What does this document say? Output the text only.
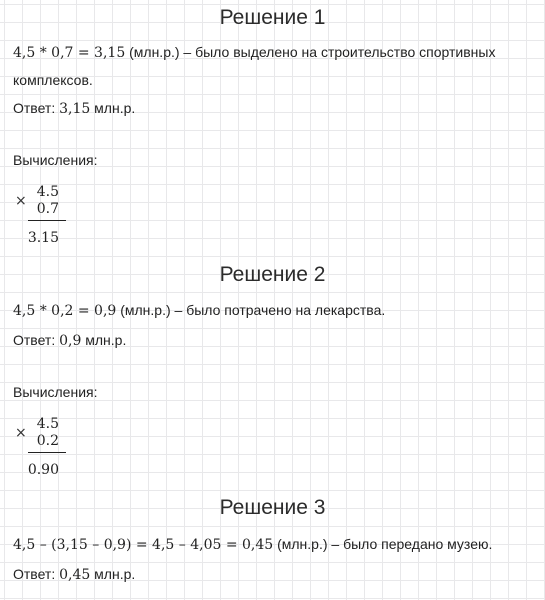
Решение 1
4,5 * 0,7 = 3,15 (млн.р.) – было выделено на строительство спортивных
комплексов.
Ответ: 3,15 млн.р.
Вычисления:
×
4.5
0.7
3.15
Решение 2
4,5 * 0,2 = 0,9 (млн.р.) – было потрачено на лекарства.
Ответ: 0,9 млн.р.
Вычисления:
×
4.5
0.2
0.90
Решение 3
4,5 – (3,15 – 0,9) = 4,5 – 4,05 = 0,45 (млн.р.) – было передано музею.
Ответ: 0,45 млн.р.
